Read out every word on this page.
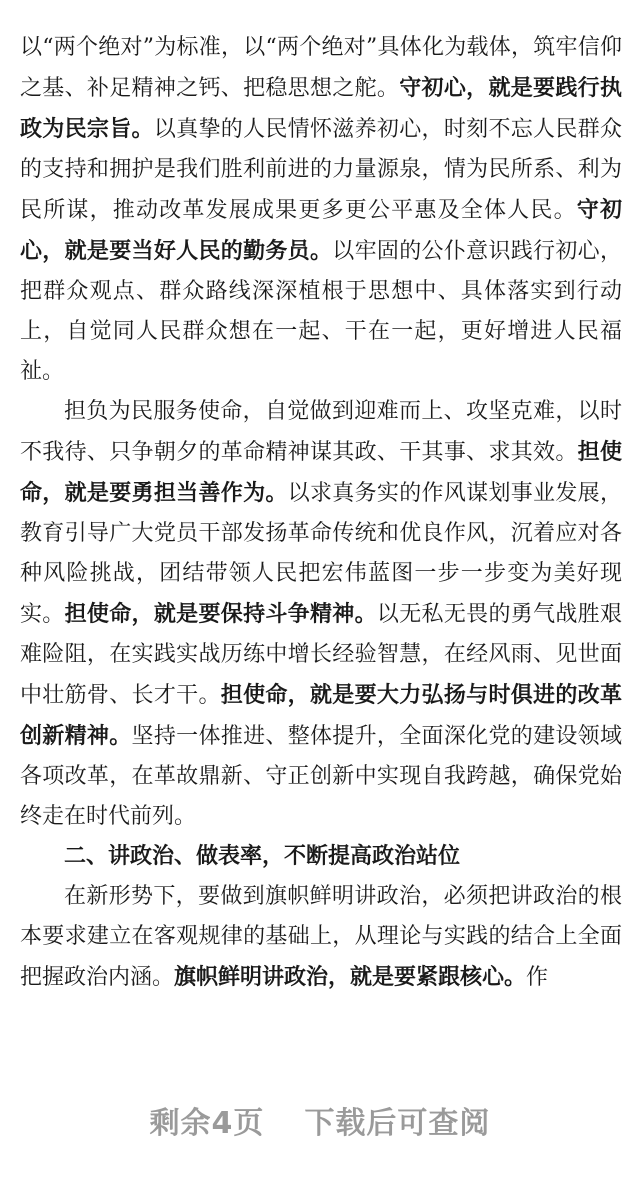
以“两个绝对”为标准，以“两个绝对”具体化为载体，筑牢信仰之基、补足精神之钙、把稳思想之舵。守初心，就是要践行执政为民宗旨。以真挚的人民情怀滋养初心，时刻不忘人民群众的支持和拥护是我们胜利前进的力量源泉，情为民所系、利为民所谋，推动改革发展成果更多更公平惠及全体人民。守初心，就是要当好人民的勤务员。以牢固的公仆意识践行初心，把群众观点、群众路线深深植根于思想中、具体落实到行动上，自觉同人民群众想在一起、干在一起，更好增进人民福祉。

担负为民服务使命，自觉做到迎难而上、攻坚克难，以时不我待、只争朝夕的革命精神谋其政、干其事、求其效。担使命，就是要勇担当善作为。以求真务实的作风谋划事业发展，教育引导广大党员干部发扬革命传统和优良作风，沉着应对各种风险挑战，团结带领人民把宏伟蓝图一步一步变为美好现实。担使命，就是要保持斗争精神。以无私无畏的勇气战胜艰难险阻，在实践实战历练中增长经验智慧，在经风雨、见世面中壮筋骨、长才干。担使命，就是要大力弘扬与时俱进的改革创新精神。坚持一体推进、整体提升，全面深化党的建设领域各项改革，在革故鼎新、守正创新中实现自我跨越，确保党始终走在时代前列。

二、讲政治、做表率，不断提高政治站位

在新形势下，要做到旗帜鲜明讲政治，必须把讲政治的根本要求建立在客观规律的基础上，从理论与实践的结合上全面把握政治内涵。旗帜鲜明讲政治，就是要紧跟核心。作

剩余4页 下载后可查阅
